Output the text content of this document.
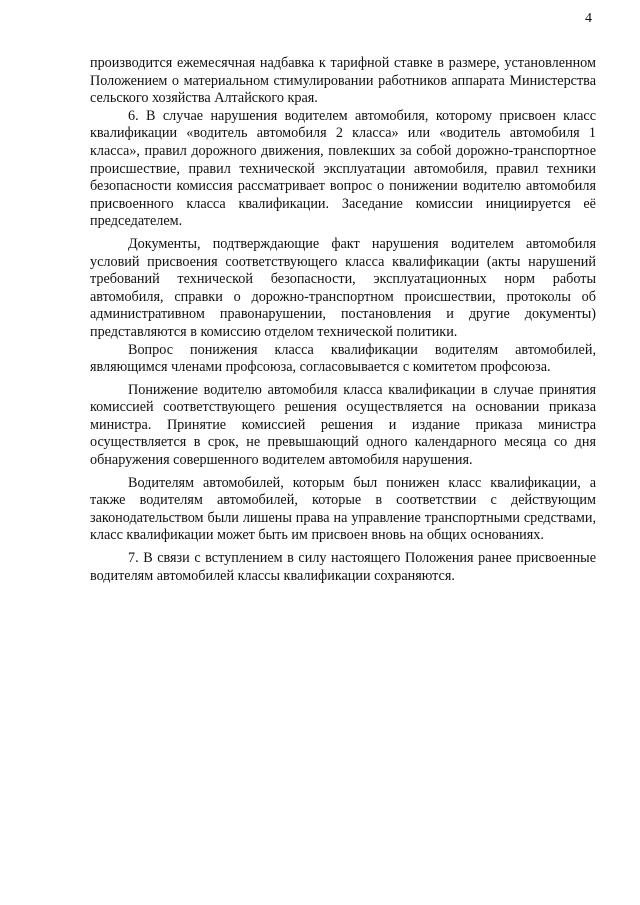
4

производится ежемесячная надбавка к тарифной ставке в размере, установленном Положением о материальном стимулировании работников аппарата Министерства сельского хозяйства Алтайского края.

6. В случае нарушения водителем автомобиля, которому присвоен класс квалификации «водитель автомобиля 2 класса» или «водитель автомобиля 1 класса», правил дорожного движения, повлекших за собой дорожно-транспортное происшествие, правил технической эксплуатации автомобиля, правил техники безопасности комиссия рассматривает вопрос о понижении водителю автомобиля присвоенного класса квалификации. Заседание комиссии инициируется её председателем.

Документы, подтверждающие факт нарушения водителем автомобиля условий присвоения соответствующего класса квалификации (акты нарушений требований технической безопасности, эксплуатационных норм работы автомобиля, справки о дорожно-транспортном происшествии, протоколы об административном правонарушении, постановления и другие документы) представляются в комиссию отделом технической политики.

Вопрос понижения класса квалификации водителям автомобилей, являющимся членами профсоюза, согласовывается с комитетом профсоюза.

Понижение водителю автомобиля класса квалификации в случае принятия комиссией соответствующего решения осуществляется на основании приказа министра. Принятие комиссией решения и издание приказа министра осуществляется в срок, не превышающий одного календарного месяца со дня обнаружения совершенного водителем автомобиля нарушения.

Водителям автомобилей, которым был понижен класс квалификации, а также водителям автомобилей, которые в соответствии с действующим законодательством были лишены права на управление транспортными средствами, класс квалификации может быть им присвоен вновь на общих основаниях.

7. В связи с вступлением в силу настоящего Положения ранее присвоенные водителям автомобилей классы квалификации сохраняются.
